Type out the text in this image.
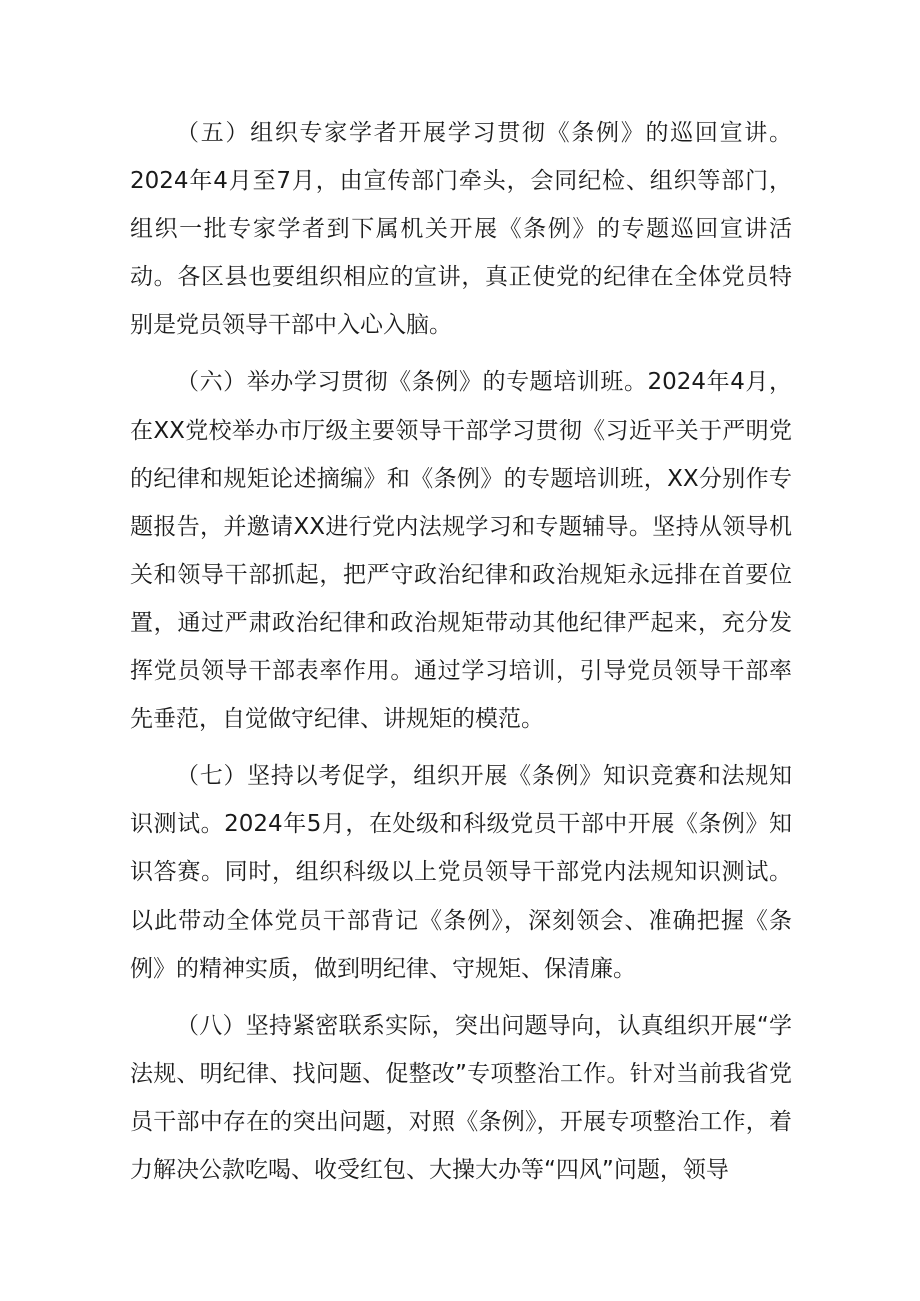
（五）组织专家学者开展学习贯彻《条例》的巡回宣讲。2024年4月至7月，由宣传部门牵头，会同纪检、组织等部门，组织一批专家学者到下属机关开展《条例》的专题巡回宣讲活动。各区县也要组织相应的宣讲，真正使党的纪律在全体党员特别是党员领导干部中入心入脑。

（六）举办学习贯彻《条例》的专题培训班。2024年4月，在XX党校举办市厅级主要领导干部学习贯彻《习近平关于严明党的纪律和规矩论述摘编》和《条例》的专题培训班，XX分别作专题报告，并邀请XX进行党内法规学习和专题辅导。坚持从领导机关和领导干部抓起，把严守政治纪律和政治规矩永远排在首要位置，通过严肃政治纪律和政治规矩带动其他纪律严起来，充分发挥党员领导干部表率作用。通过学习培训，引导党员领导干部率先垂范，自觉做守纪律、讲规矩的模范。

（七）坚持以考促学，组织开展《条例》知识竞赛和法规知识测试。2024年5月，在处级和科级党员干部中开展《条例》知识答赛。同时，组织科级以上党员领导干部党内法规知识测试。以此带动全体党员干部背记《条例》，深刻领会、准确把握《条例》的精神实质，做到明纪律、守规矩、保清廉。

（八）坚持紧密联系实际，突出问题导向，认真组织开展“学法规、明纪律、找问题、促整改”专项整治工作。针对当前我省党员干部中存在的突出问题，对照《条例》，开展专项整治工作，着力解决公款吃喝、收受红包、大操大办等“四风”问题，领导
